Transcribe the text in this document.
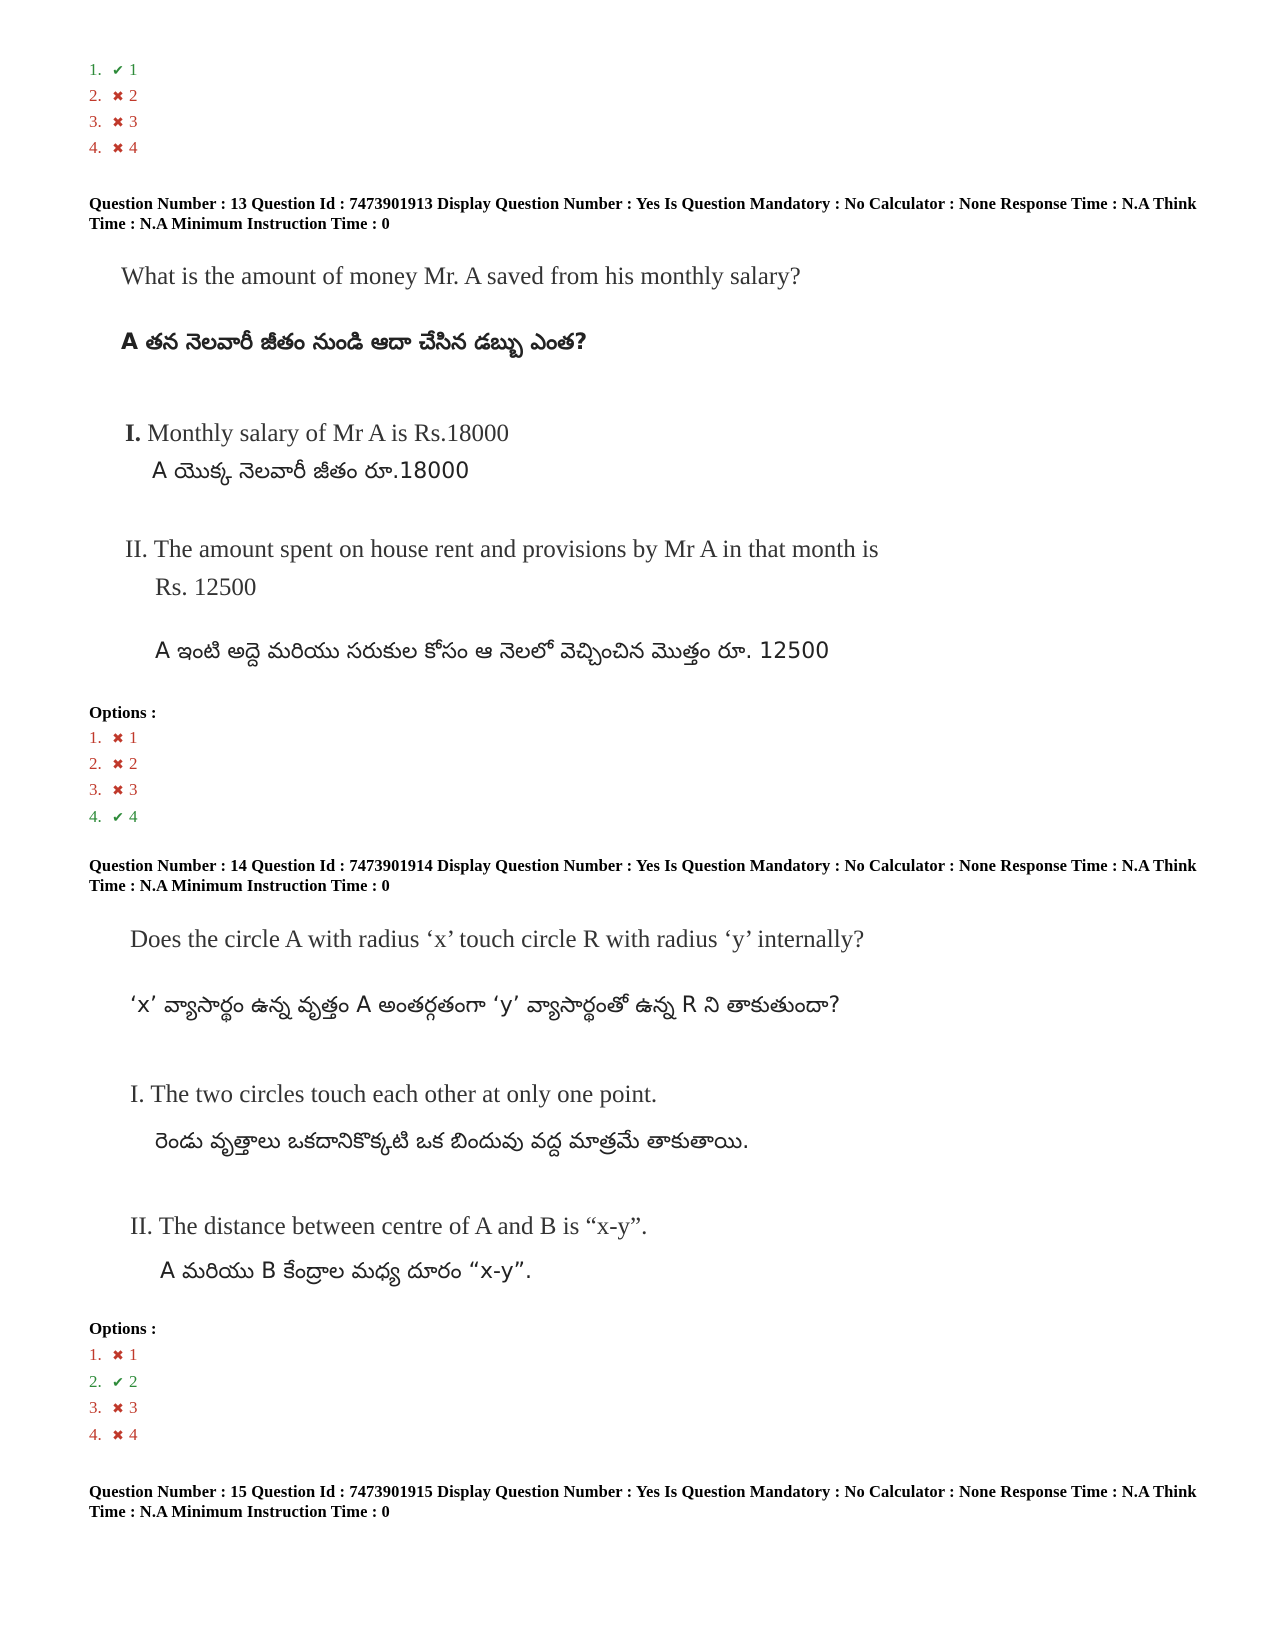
1. ✔ 1
2. ✖ 2
3. ✖ 3
4. ✖ 4
Question Number : 13 Question Id : 7473901913 Display Question Number : Yes Is Question Mandatory : No Calculator : None Response Time : N.A Think Time : N.A Minimum Instruction Time : 0
What is the amount of money Mr. A saved from his monthly salary?
A తన నెలవారీ జీతం నుండి ఆదా చేసిన డబ్బు ఎంత?
I. Monthly salary of Mr A is Rs.18000
A యొక్క నెలవారీ జీతం రూ.18000
II. The amount spent on house rent and provisions by Mr A in that month is
Rs. 12500
A ఇంటి అద్దె మరియు సరుకుల కోసం ఆ నెలలో వెచ్చించిన మొత్తం రూ. 12500
Options :
1. ✖ 1
2. ✖ 2
3. ✖ 3
4. ✔ 4
Question Number : 14 Question Id : 7473901914 Display Question Number : Yes Is Question Mandatory : No Calculator : None Response Time : N.A Think Time : N.A Minimum Instruction Time : 0
Does the circle A with radius ‘x’ touch circle R with radius ‘y’ internally?
‘x’ వ్యాసార్థం ఉన్న వృత్తం A అంతర్గతంగా ‘y’ వ్యాసార్థంతో ఉన్న R ని తాకుతుందా?
I. The two circles touch each other at only one point.
రెండు వృత్తాలు ఒకదానికొక్కటి ఒక బిందువు వద్ద మాత్రమే తాకుతాయి.
II. The distance between centre of A and B is “x-y”.
A మరియు B కేంద్రాల మధ్య దూరం “x-y”.
Options :
1. ✖ 1
2. ✔ 2
3. ✖ 3
4. ✖ 4
Question Number : 15 Question Id : 7473901915 Display Question Number : Yes Is Question Mandatory : No Calculator : None Response Time : N.A Think Time : N.A Minimum Instruction Time : 0
